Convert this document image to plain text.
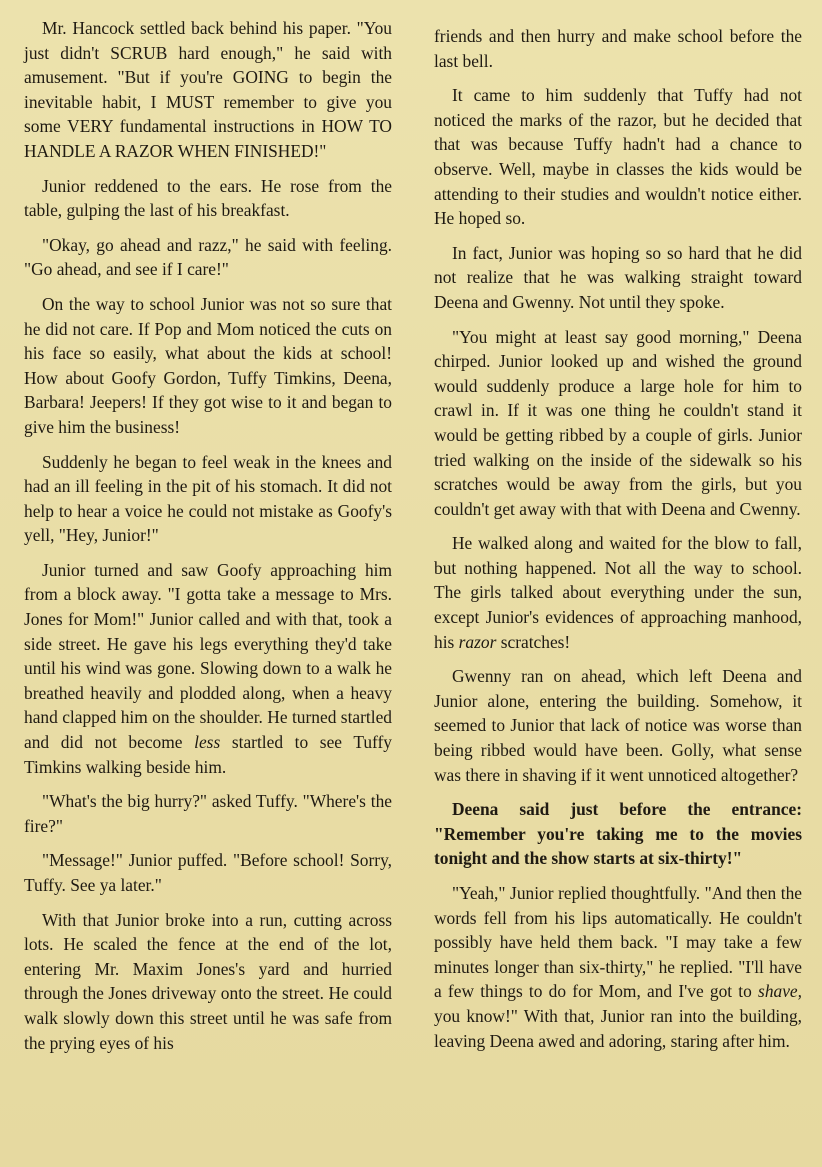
Mr. Hancock settled back behind his paper. "You just didn't SCRUB hard enough," he said with amusement. "But if you're GOING to begin the inevitable habit, I MUST remember to give you some VERY fundamental instructions in HOW TO HANDLE A RAZOR WHEN FINISHED!"

Junior reddened to the ears. He rose from the table, gulping the last of his breakfast.

"Okay, go ahead and razz," he said with feeling. "Go ahead, and see if I care!"

On the way to school Junior was not so sure that he did not care. If Pop and Mom noticed the cuts on his face so easily, what about the kids at school! How about Goofy Gordon, Tuffy Timkins, Deena, Barbara! Jeepers! If they got wise to it and began to give him the business!

Suddenly he began to feel weak in the knees and had an ill feeling in the pit of his stomach. It did not help to hear a voice he could not mistake as Goofy's yell, "Hey, Junior!"

Junior turned and saw Goofy approaching him from a block away. "I gotta take a message to Mrs. Jones for Mom!" Junior called and with that, took a side street. He gave his legs everything they'd take until his wind was gone. Slowing down to a walk he breathed heavily and plodded along, when a heavy hand clapped him on the shoulder. He turned startled and did not become less startled to see Tuffy Timkins walking beside him.

"What's the big hurry?" asked Tuffy. "Where's the fire?"

"Message!" Junior puffed. "Before school! Sorry, Tuffy. See ya later."

With that Junior broke into a run, cutting across lots. He scaled the fence at the end of the lot, entering Mr. Maxim Jones's yard and hurried through the Jones driveway onto the street. He could walk slowly down this street until he was safe from the prying eyes of his

friends and then hurry and make school before the last bell.

It came to him suddenly that Tuffy had not noticed the marks of the razor, but he decided that that was because Tuffy hadn't had a chance to observe. Well, maybe in classes the kids would be attending to their studies and wouldn't notice either. He hoped so.

In fact, Junior was hoping so so hard that he did not realize that he was walking straight toward Deena and Gwenny. Not until they spoke.

"You might at least say good morning," Deena chirped. Junior looked up and wished the ground would suddenly produce a large hole for him to crawl in. If it was one thing he couldn't stand it would be getting ribbed by a couple of girls. Junior tried walking on the inside of the sidewalk so his scratches would be away from the girls, but you couldn't get away with that with Deena and Cwenny.

He walked along and waited for the blow to fall, but nothing happened. Not all the way to school. The girls talked about everything under the sun, except Junior's evidences of approaching manhood, his razor scratches!

Gwenny ran on ahead, which left Deena and Junior alone, entering the building. Somehow, it seemed to Junior that lack of notice was worse than being ribbed would have been. Golly, what sense was there in shaving if it went unnoticed altogether?

Deena said just before the entrance: "Remember you're taking me to the movies tonight and the show starts at six-thirty!"

"Yeah," Junior replied thoughtfully. "And then the words fell from his lips automatically. He couldn't possibly have held them back. "I may take a few minutes longer than six-thirty," he replied. "I'll have a few things to do for Mom, and I've got to shave, you know!" With that, Junior ran into the building, leaving Deena awed and adoring, staring after him.
